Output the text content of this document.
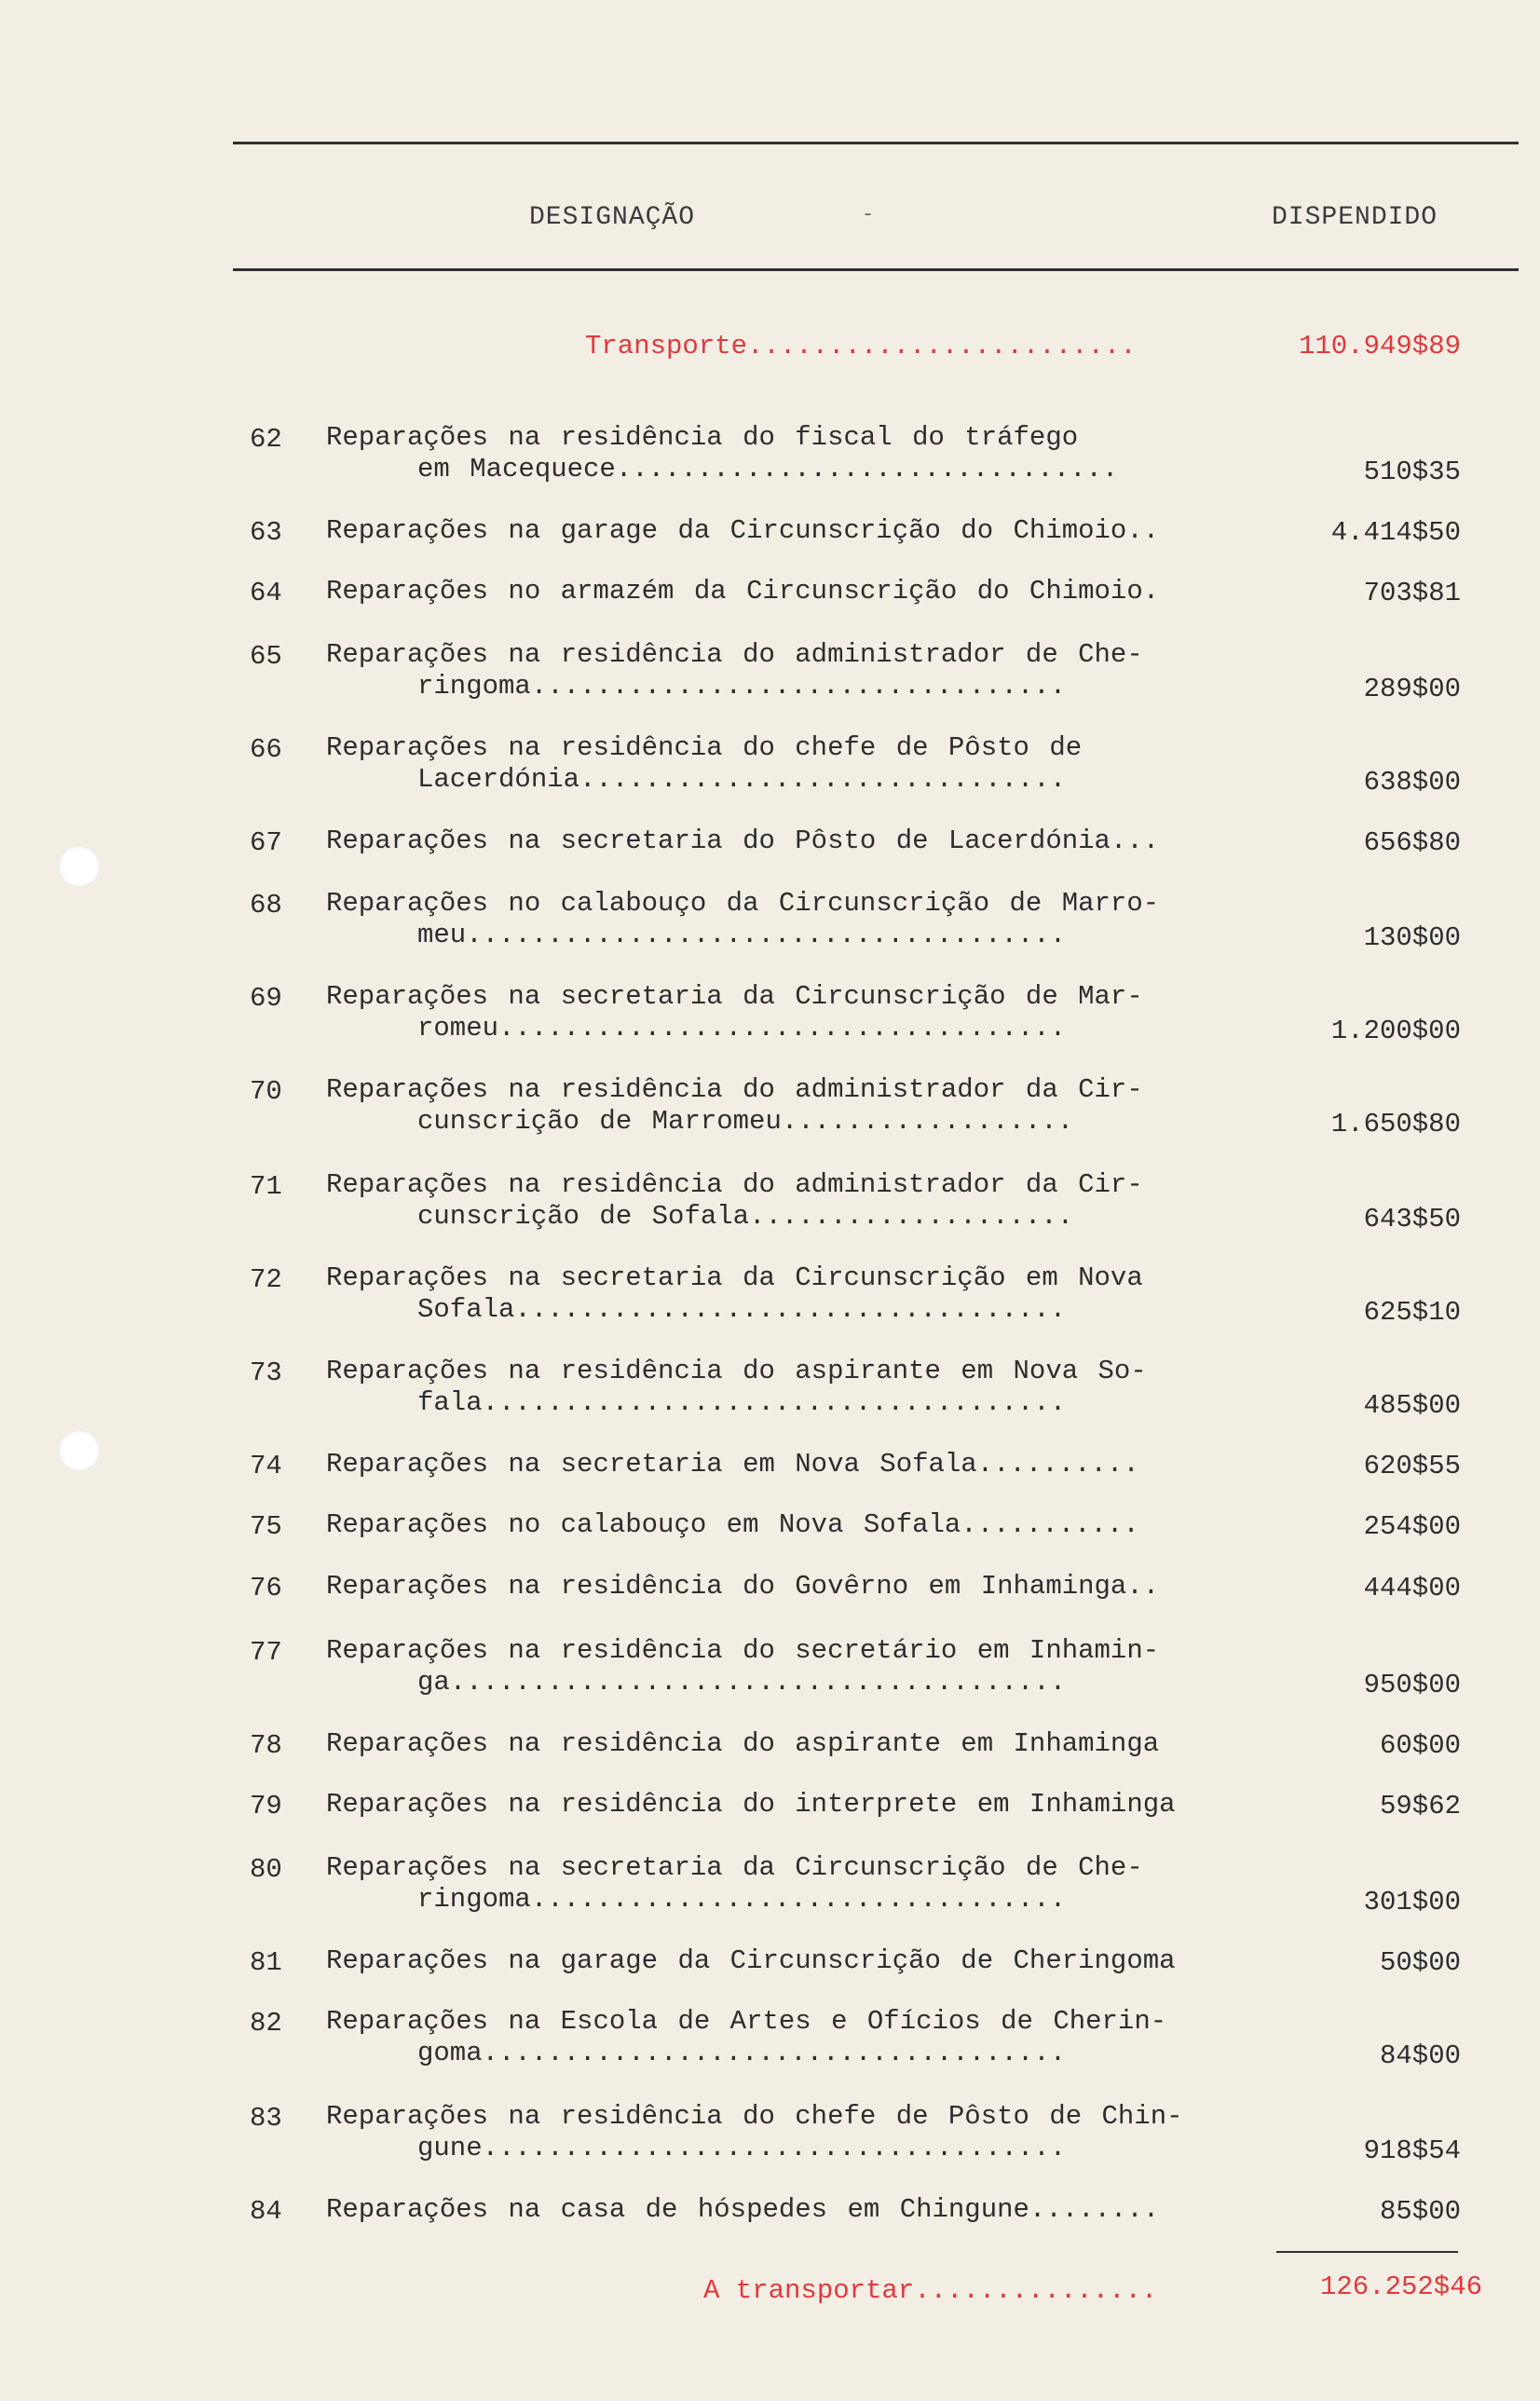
DESIGNAÇÃO	-	DISPENDIDO
Transporte........................	110.949$89
62 Reparações na residência do fiscal do tráfego
em Macequece...............................	510$35
63 Reparações na garage da Circunscrição do Chimoio..	4.414$50
64 Reparações no armazém da Circunscrição do Chimoio.	703$81
65 Reparações na residência do administrador de Che-
ringoma.................................	289$00
66 Reparações na residência do chefe de Pôsto de
Lacerdónia..............................	638$00
67 Reparações na secretaria do Pôsto de Lacerdónia...	656$80
68 Reparações no calabouço da Circunscrição de Marro-
meu.....................................	130$00
69 Reparações na secretaria da Circunscrição de Mar-
romeu...................................	1.200$00
70 Reparações na residência do administrador da Cir-
cunscrição de Marromeu..................	1.650$80
71 Reparações na residência do administrador da Cir-
cunscrição de Sofala....................	643$50
72 Reparações na secretaria da Circunscrição em Nova
Sofala..................................	625$10
73 Reparações na residência do aspirante em Nova So-
fala....................................	485$00
74 Reparações na secretaria em Nova Sofala..........	620$55
75 Reparações no calabouço em Nova Sofala...........	254$00
76 Reparações na residência do Govêrno em Inhaminga..	444$00
77 Reparações na residência do secretário em Inhamin-
ga......................................	950$00
78 Reparações na residência do aspirante em Inhaminga	60$00
79 Reparações na residência do interprete em Inhaminga	59$62
80 Reparações na secretaria da Circunscrição de Che-
ringoma.................................	301$00
81 Reparações na garage da Circunscrição de Cheringoma	50$00
82 Reparações na Escola de Artes e Ofícios de Cherin-
goma....................................	84$00
83 Reparações na residência do chefe de Pôsto de Chin-
gune....................................	918$54
84 Reparações na casa de hóspedes em Chingune........	85$00
A transportar...............	126.252$46
